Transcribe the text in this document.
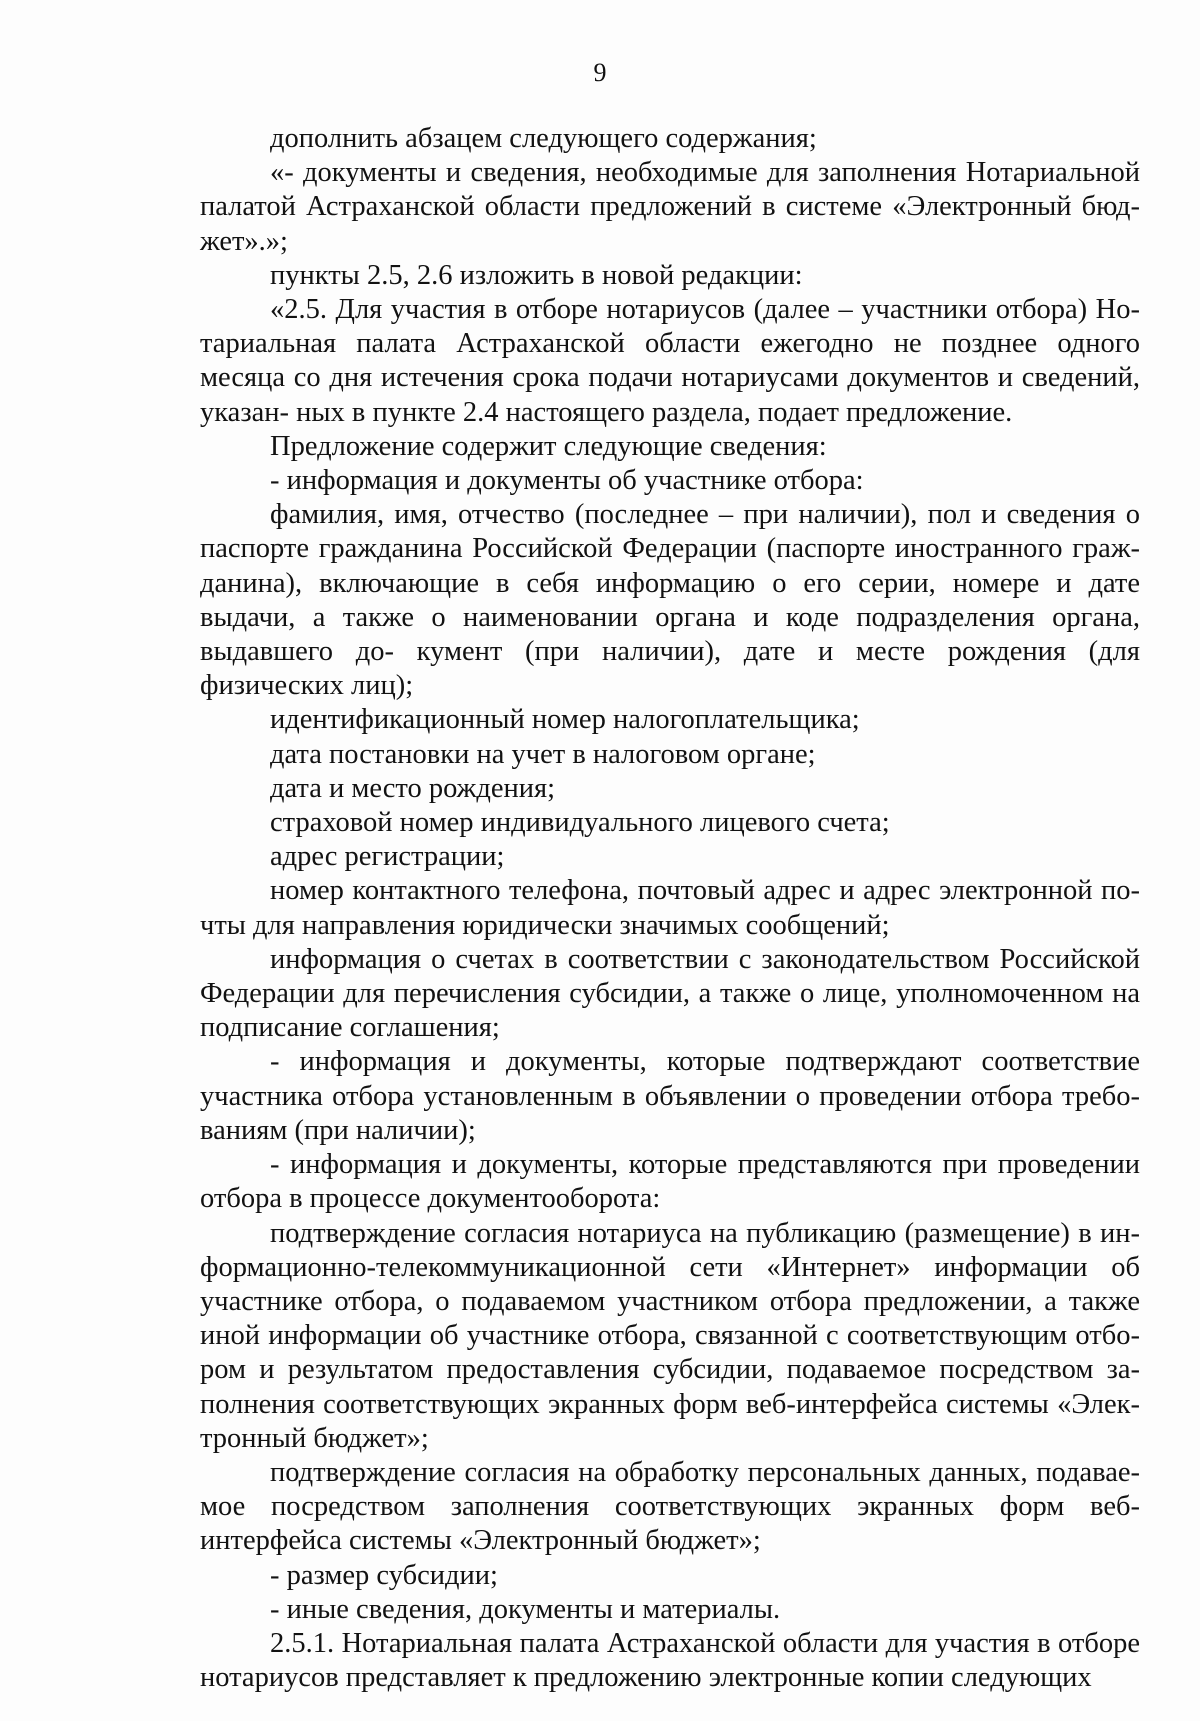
9

дополнить абзацем следующего содержания;

«- документы и сведения, необходимые для заполнения Нотариальной палатой Астраханской области предложений в системе «Электронный бюд- жет».»;

пункты 2.5, 2.6 изложить в новой редакции:

«2.5. Для участия в отборе нотариусов (далее – участники отбора) Но- тариальная палата Астраханской области ежегодно не позднее одного месяца со дня истечения срока подачи нотариусами документов и сведений, указан- ных в пункте 2.4 настоящего раздела, подает предложение.

Предложение содержит следующие сведения:

- информация и документы об участнике отбора:

фамилия, имя, отчество (последнее – при наличии), пол и сведения о паспорте гражданина Российской Федерации (паспорте иностранного граж- данина), включающие в себя информацию о его серии, номере и дате выдачи, а также о наименовании органа и коде подразделения органа, выдавшего до- кумент (при наличии), дате и месте рождения (для физических лиц);

идентификационный номер налогоплательщика;

дата постановки на учет в налоговом органе;

дата и место рождения;

страховой номер индивидуального лицевого счета;

адрес регистрации;

номер контактного телефона, почтовый адрес и адрес электронной по- чты для направления юридически значимых сообщений;

информация о счетах в соответствии с законодательством Российской Федерации для перечисления субсидии, а также о лице, уполномоченном на подписание соглашения;

- информация и документы, которые подтверждают соответствие участника отбора установленным в объявлении о проведении отбора требо- ваниям (при наличии);

- информация и документы, которые представляются при проведении отбора в процессе документооборота:

подтверждение согласия нотариуса на публикацию (размещение) в ин- формационно-телекоммуникационной сети «Интернет» информации об участнике отбора, о подаваемом участником отбора предложении, а также иной информации об участнике отбора, связанной с соответствующим отбо- ром и результатом предоставления субсидии, подаваемое посредством за- полнения соответствующих экранных форм веб-интерфейса системы «Элек- тронный бюджет»;

подтверждение согласия на обработку персональных данных, подавае- мое посредством заполнения соответствующих экранных форм веб- интерфейса системы «Электронный бюджет»;

- размер субсидии;

- иные сведения, документы и материалы.

2.5.1. Нотариальная палата Астраханской области для участия в отборе нотариусов представляет к предложению электронные копии следующих
